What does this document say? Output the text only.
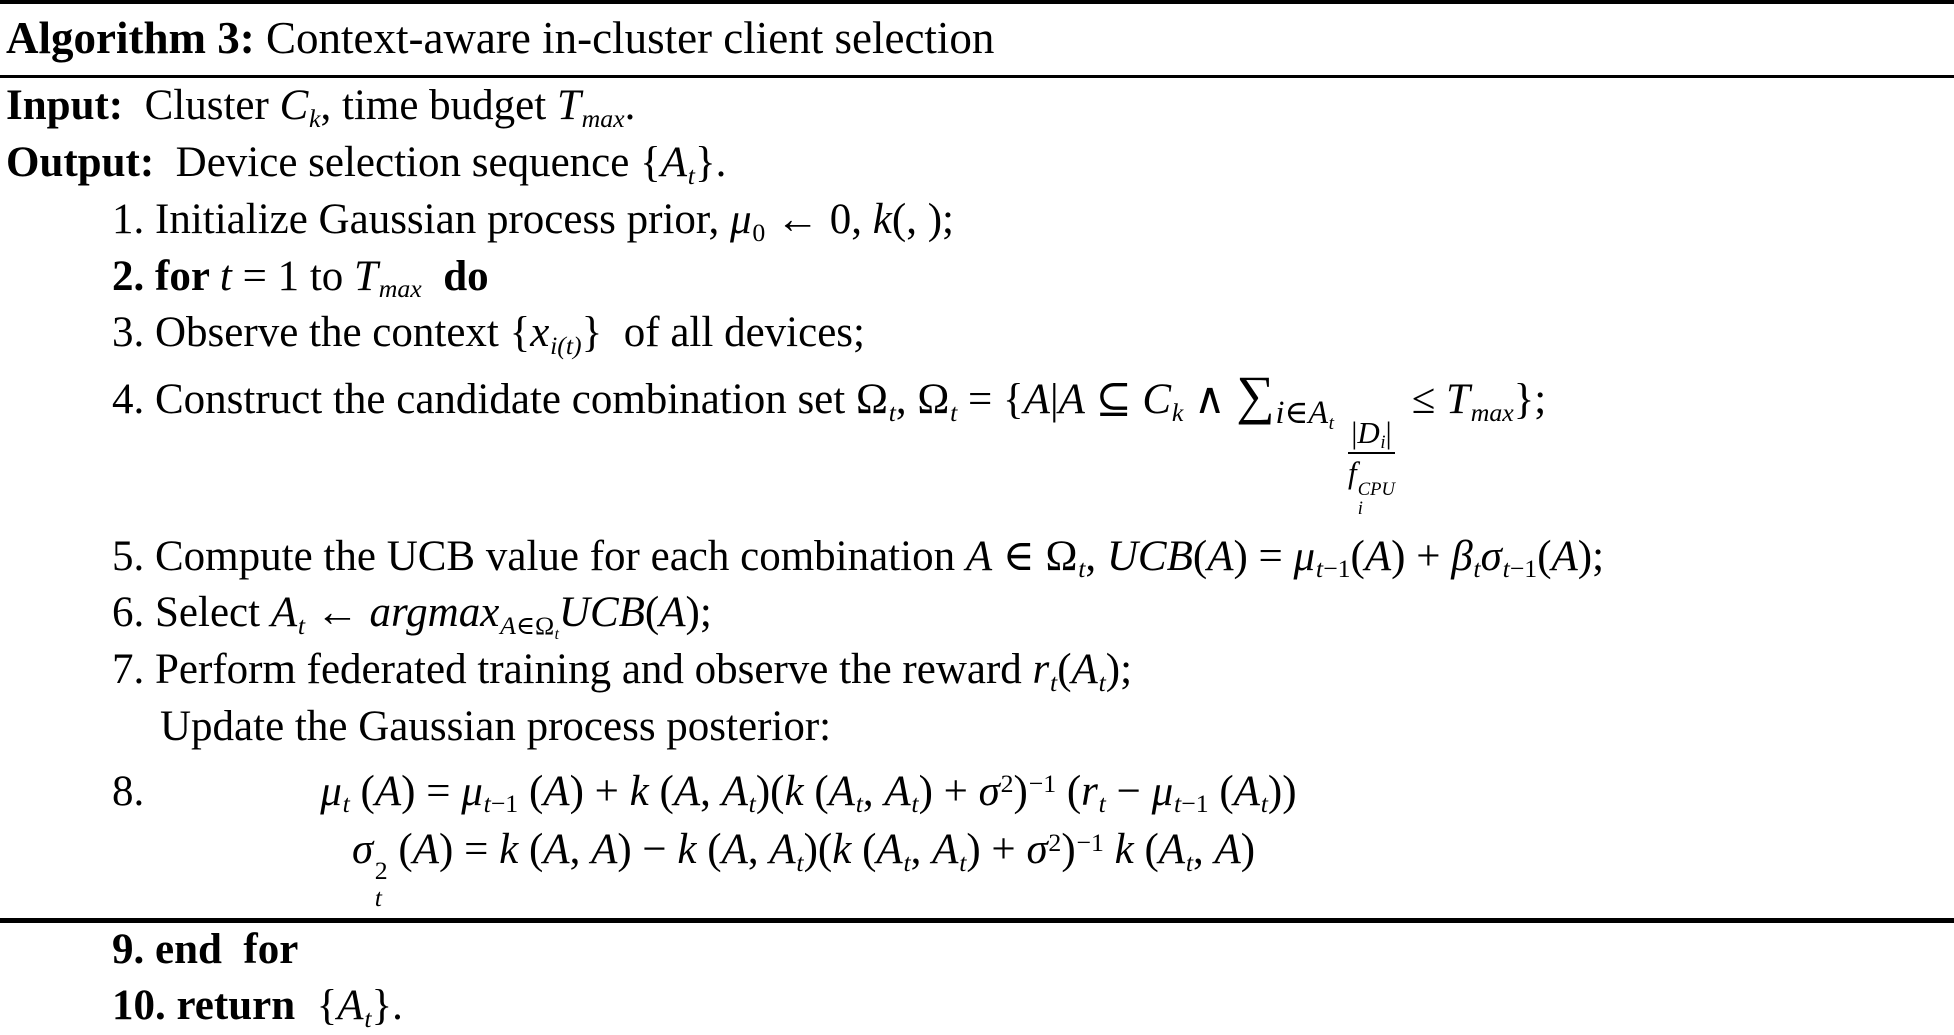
Algorithm 3: Context-aware in-cluster client selection
Input:  Cluster Ck, time budget Tmax.
Output:  Device selection sequence {At}.
1. Initialize Gaussian process prior, μ0 ← 0, k(, );
2. for t = 1 to Tmax do
3. Observe the context {xi(t)}  of all devices;
4. Construct the candidate combination set Ωt, Ωt = {A|A ⊆ Ck ∧ ∑i∈At |Di|
f CPU
i
≤ Tmax};
5. Compute the UCB value for each combination A ∈ Ωt, UCB(A) = μt−1(A) + βtσt−1(A);
6. Select At ← argmaxA∈ΩtUCB(A);
7. Perform federated training and observe the reward rt(At);
Update the Gaussian process posterior:
8.	μt (A) = μt−1 (A) + k (A, At)(k (At, $At) + \sigma^2)^{-1}$ (rt − μt−1 (At))
σ 2
t
(A) = k (A, A) − k (A, At)(k (At, $At) + \sigma^2)^{-1}$ k (At, A)
9. end  for
10. return  {At}.
